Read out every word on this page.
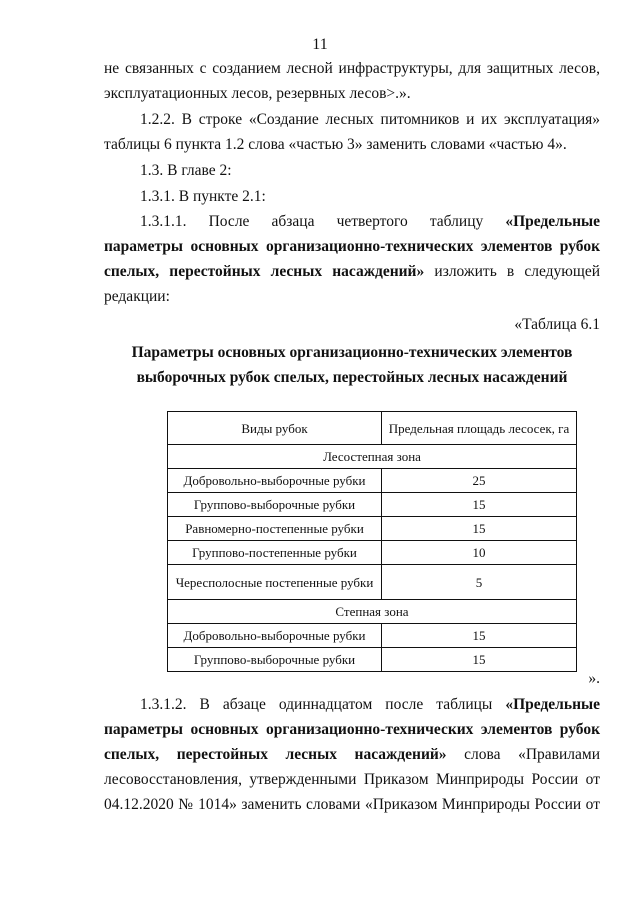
11

не связанных с созданием лесной инфраструктуры, для защитных лесов,
эксплуатационных лесов, резервных лесов>.».

1.2.2. В строке «Создание лесных питомников и их эксплуатация»
таблицы 6 пункта 1.2 слова «частью 3» заменить словами «частью 4».

1.3. В главе 2:

1.3.1. В пункте 2.1:

1.3.1.1. После абзаца четвертого таблицу «Предельные
параметры основных организационно-технических элементов рубок
спелых, перестойных лесных насаждений» изложить в следующей
редакции:

«Таблица 6.1
Параметры основных организационно-технических элементов
выборочных рубок спелых, перестойных лесных насаждений
Виды рубок	Предельная площадь лесосек, га
Лесостепная зона	
Добровольно-выборочные рубки	25
Группово-выборочные рубки	15
Равномерно-постепенные рубки	15
Группово-постепенные рубки	10
Чересполосные постепенные рубки	5
Степная зона	
Добровольно-выборочные рубки	15
Группово-выборочные рубки	15
».

1.3.1.2. В абзаце одиннадцатом после таблицы «Предельные
параметры основных организационно-технических элементов рубок
спелых, перестойных лесных насаждений» слова «Правилами
лесовосстановления, утвержденными Приказом Минприроды России от
04.12.2020 № 1014» заменить словами «Приказом Минприроды России от
